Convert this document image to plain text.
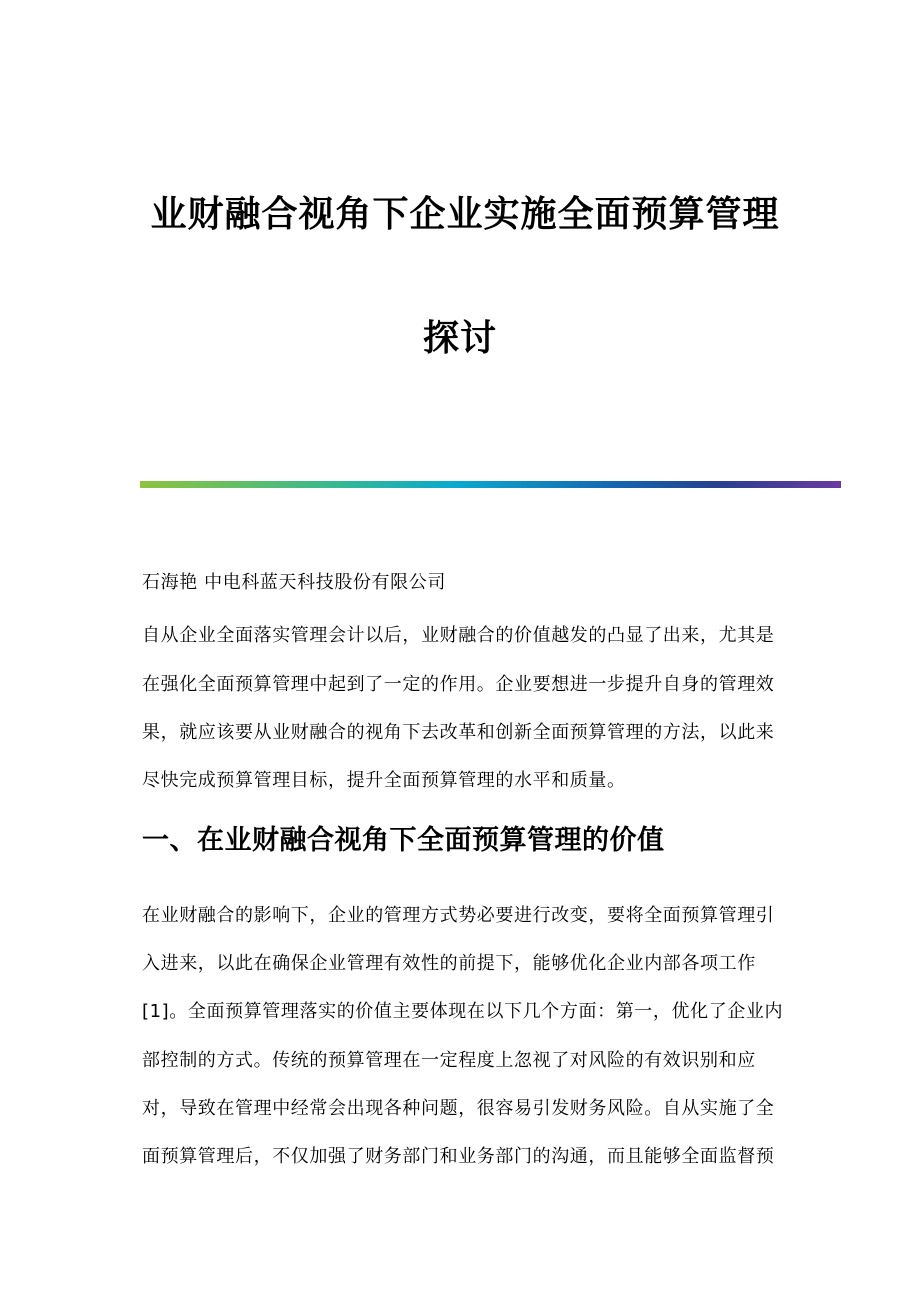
业财融合视角下企业实施全面预算管理
探讨
石海艳 中电科蓝天科技股份有限公司
自从企业全面落实管理会计以后，业财融合的价值越发的凸显了出来，尤其是
在强化全面预算管理中起到了一定的作用。企业要想进一步提升自身的管理效
果，就应该要从业财融合的视角下去改革和创新全面预算管理的方法，以此来
尽快完成预算管理目标，提升全面预算管理的水平和质量。
一、在业财融合视角下全面预算管理的价值
在业财融合的影响下，企业的管理方式势必要进行改变，要将全面预算管理引
入进来，以此在确保企业管理有效性的前提下，能够优化企业内部各项工作
[1]。全面预算管理落实的价值主要体现在以下几个方面：第一，优化了企业内
部控制的方式。传统的预算管理在一定程度上忽视了对风险的有效识别和应
对，导致在管理中经常会出现各种问题，很容易引发财务风险。自从实施了全
面预算管理后，不仅加强了财务部门和业务部门的沟通，而且能够全面监督预
